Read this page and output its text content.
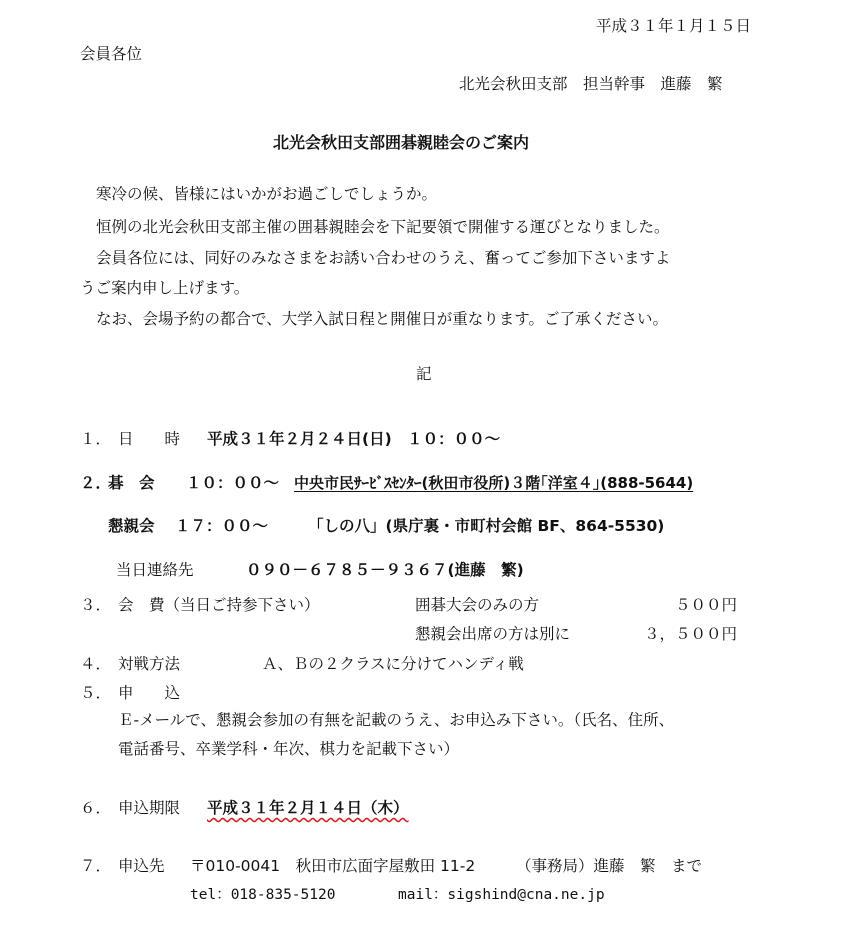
平成３１年１月１５日
会員各位
北光会秋田支部　担当幹事　進藤　繁
北光会秋田支部囲碁親睦会のご案内
寒冷の候、皆様にはいかがお過ごしでしょうか。
恒例の北光会秋田支部主催の囲碁親睦会を下記要領で開催する運びとなりました。
会員各位には、同好のみなさまをお誘い合わせのうえ、奮ってご参加下さいますよ
うご案内申し上げます。
なお、会場予約の都合で、大学入試日程と開催日が重なります。ご了承ください。
記
１． 日　　時 平成３１年２月２４日(日)　１０：００～
２．
碁　会 １０：００～ 中央市民ｻｰﾋﾞｽｾﾝﾀｰ(秋田市役所)３階｢洋室４｣(888-5644)
懇親会 １７：００～	「しの八」(県庁裏・市町村会館 BF、864-5530)
当日連絡先	０９０－６７８５－９３６７(進藤　繁)
３． 会　費（当日ご持参下さい）	囲碁大会のみの方	５００円
懇親会出席の方は別に	３，５００円
４． 対戦方法	Ａ、Ｂの２クラスに分けてハンディ戦
５． 申　　込
Ｅ-メールで、懇親会参加の有無を記載のうえ、お申込み下さい。（氏名、住所、
電話番号、卒業学科・年次、棋力を記載下さい）
６． 申込期限 平成３１年２月１４日（木）
７． 申込先 〒010-0041　秋田市広面字屋敷田 11-2	（事務局）進藤　繁　まで
tel：018-835-5120	mail：sigshind@cna.ne.jp
